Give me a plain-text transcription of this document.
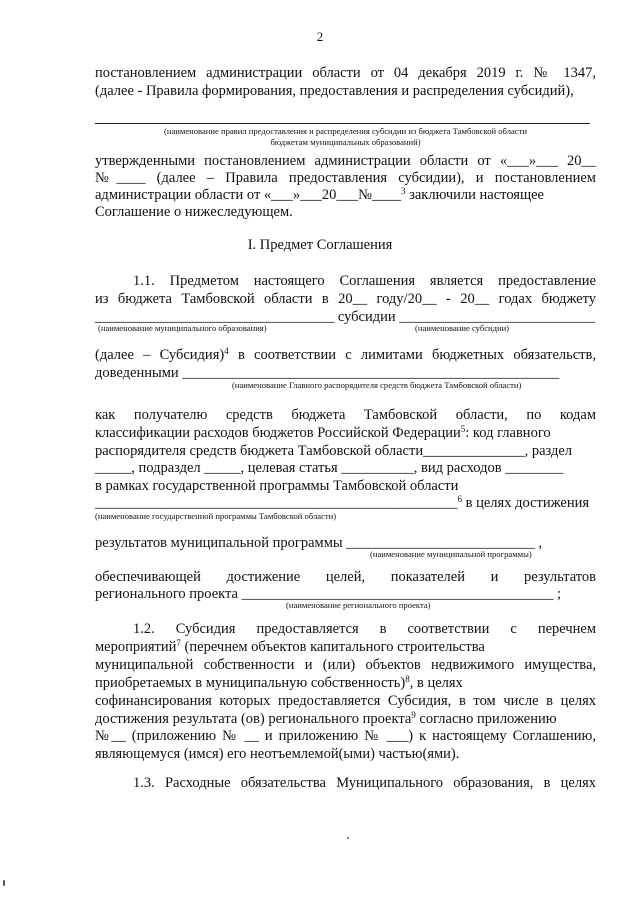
2
постановлением администрации области от 04 декабря 2019 г. № 1347,
(далее - Правила формирования, предоставления и распределения субсидий),
(наименование правил предоставления и распределения субсидии из бюджета Тамбовской области
бюджетам муниципальных образований)
утвержденными постановлением администрации области от «___»___ 20__
№____ (далее – Правила предоставления субсидии), и постановлением
администрации области от «___»___20___№____$^3$ заключили настоящее
Соглашение о нижеследующем.
I. Предмет Соглашения
1.1. Предметом настоящего Соглашения является предоставление
из бюджета Тамбовской области в 20__ году/20__ - 20__ годах бюджету
_________________________________ субсидии ___________________________
(наименование муниципального образования)	(наименование субсидии)
(далее – Субсидия)$^4$ в соответствии с лимитами бюджетных обязательств,
доведенными ____________________________________________________
(наименование Главного распорядителя средств бюджета Тамбовской области)
как получателю средств бюджета Тамбовской области, по кодам
классификации расходов бюджетов Российской Федерации$^5$: код главного
распорядителя средств бюджета Тамбовской области______________, раздел
_____, подраздел _____, целевая статья __________, вид расходов ________
в рамках государственной программы Тамбовской области
__________________________________________________$^6$ в целях достижения
(наименование государственной программы Тамбовской области)
результатов муниципальной программы __________________________ ,
(наименование муниципальной программы)
обеспечивающей достижение целей, показателей и результатов
регионального проекта ___________________________________________ ;
(наименование регионального проекта)
1.2. Субсидия предоставляется в соответствии с перечнем
мероприятий$^7$ (перечнем объектов капитального строительства
муниципальной собственности и (или) объектов недвижимого имущества,
приобретаемых в муниципальную собственность)$^8$, в целях
софинансирования которых предоставляется Субсидия, в том числе в целях
достижения результата (ов) регионального проекта$^9$ согласно приложению
№__ (приложению № __ и приложению № ___) к настоящему Соглашению,
являющемуся (имся) его неотъемлемой(ыми) частью(ями).
1.3. Расходные обязательства Муниципального образования, в целях
